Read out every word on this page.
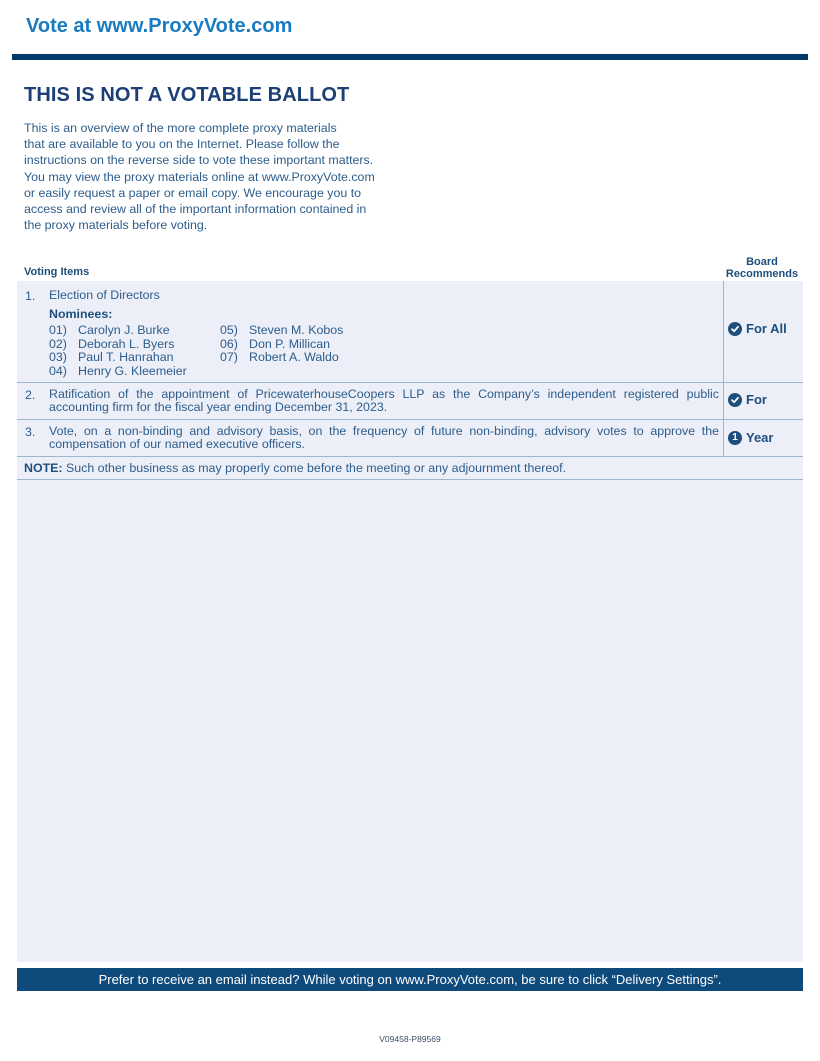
Vote at www.ProxyVote.com
THIS IS NOT A VOTABLE BALLOT
This is an overview of the more complete proxy materials
that are available to you on the Internet. Please follow the
instructions on the reverse side to vote these important matters.
You may view the proxy materials online at www.ProxyVote.com
or easily request a paper or email copy. We encourage you to
access and review all of the important information contained in
the proxy materials before voting.
Voting Items
Board
Recommends
1. Election of Directors
Nominees:
01) Carolyn J. Burke
02) Deborah L. Byers
03) Paul T. Hanrahan
04) Henry G. Kleemeier
05) Steven M. Kobos
06) Don P. Millican
07) Robert A. Waldo
For All
2. Ratification of the appointment of PricewaterhouseCoopers LLP as the Company’s independent registered public
accounting firm for the fiscal year ending December 31, 2023.	For
3. Vote, on a non-binding and advisory basis, on the frequency of future non-binding, advisory votes to approve the
compensation of our named executive officers.	1 Year
NOTE: Such other business as may properly come before the meeting or any adjournment thereof.
Prefer to receive an email instead? While voting on www.ProxyVote.com, be sure to click “Delivery Settings”.
V09458-P89569
